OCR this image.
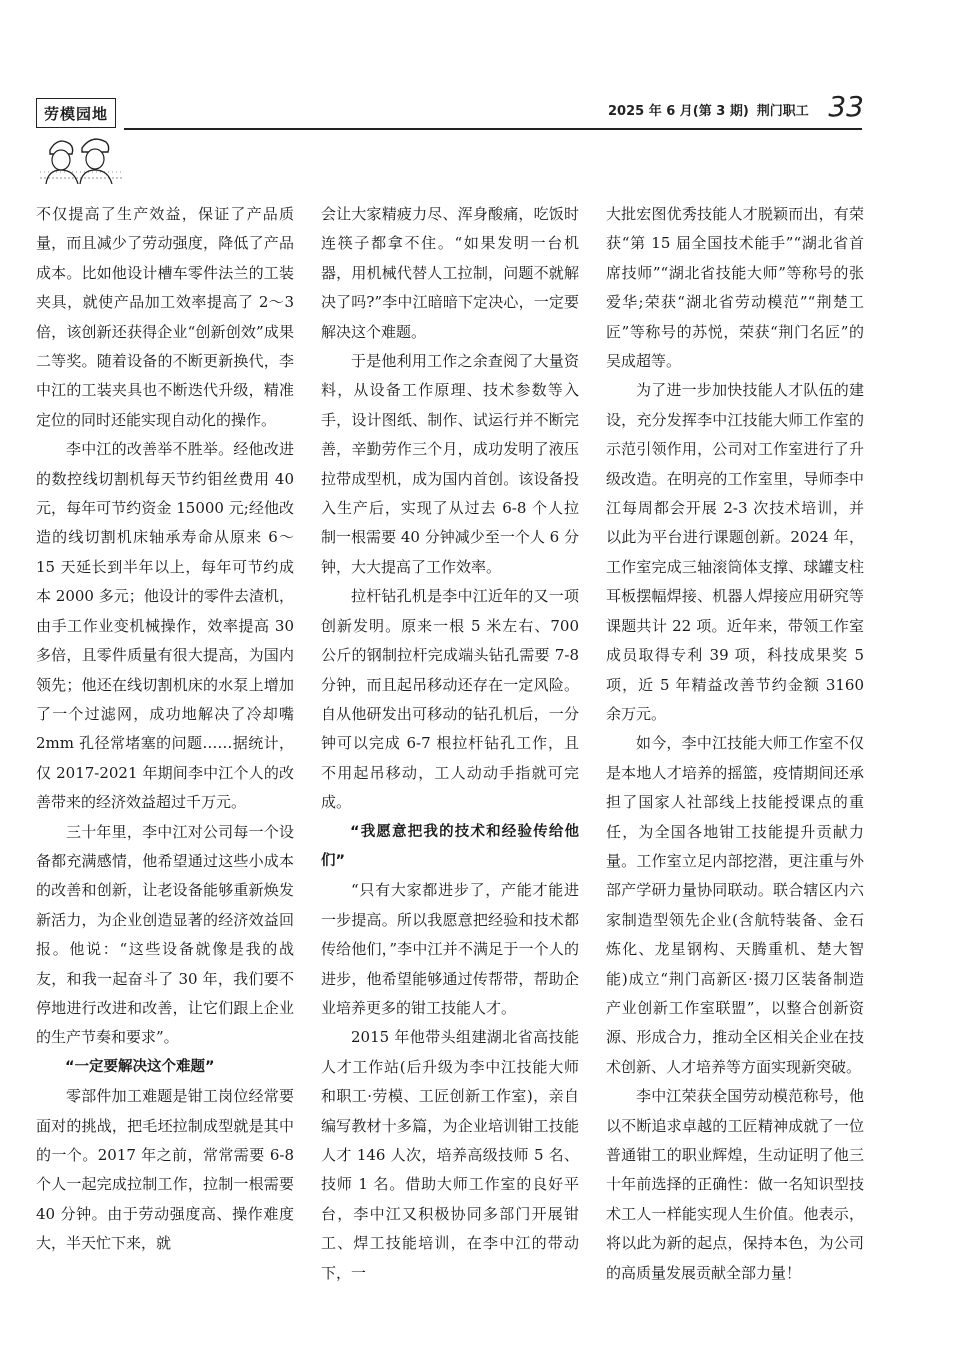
劳模园地	2025 年 6 月(第 3 期) 荆门职工 33

不仅提高了生产效益，保证了产品质量，而且减少了劳动强度，降低了产品成本。比如他设计槽车零件法兰的工装夹具，就使产品加工效率提高了 2～3 倍，该创新还获得企业“创新创效”成果二等奖。随着设备的不断更新换代，李中江的工装夹具也不断迭代升级，精准定位的同时还能实现自动化的操作。

李中江的改善举不胜举。经他改进的数控线切割机每天节约钼丝费用 40 元，每年可节约资金 15000 元;经他改造的线切割机床轴承寿命从原来 6～15 天延长到半年以上，每年可节约成本 2000 多元；他设计的零件去渣机，由手工作业变机械操作，效率提高 30 多倍，且零件质量有很大提高，为国内领先；他还在线切割机床的水泵上增加了一个过滤网，成功地解决了冷却嘴 2mm 孔径常堵塞的问题……据统计，仅 2017-2021 年期间李中江个人的改善带来的经济效益超过千万元。

三十年里，李中江对公司每一个设备都充满感情，他希望通过这些小成本的改善和创新，让老设备能够重新焕发新活力，为企业创造显著的经济效益回报。他说：“这些设备就像是我的战友，和我一起奋斗了 30 年，我们要不停地进行改进和改善，让它们跟上企业的生产节奏和要求”。

“一定要解决这个难题”

零部件加工难题是钳工岗位经常要面对的挑战，把毛坯拉制成型就是其中的一个。2017 年之前，常常需要 6-8 个人一起完成拉制工作，拉制一根需要 40 分钟。由于劳动强度高、操作难度大，半天忙下来，就

会让大家精疲力尽、浑身酸痛，吃饭时连筷子都拿不住。“如果发明一台机器，用机械代替人工拉制，问题不就解决了吗?”李中江暗暗下定决心，一定要解决这个难题。

于是他利用工作之余查阅了大量资料，从设备工作原理、技术参数等入手，设计图纸、制作、试运行并不断完善，辛勤劳作三个月，成功发明了液压拉带成型机，成为国内首创。该设备投入生产后，实现了从过去 6-8 个人拉制一根需要 40 分钟减少至一个人 6 分钟，大大提高了工作效率。

拉杆钻孔机是李中江近年的又一项创新发明。原来一根 5 米左右、700 公斤的钢制拉杆完成端头钻孔需要 7-8 分钟，而且起吊移动还存在一定风险。自从他研发出可移动的钻孔机后，一分钟可以完成 6-7 根拉杆钻孔工作，且不用起吊移动，工人动动手指就可完成。

“我愿意把我的技术和经验传给他们”

“只有大家都进步了，产能才能进一步提高。所以我愿意把经验和技术都传给他们，”李中江并不满足于一个人的进步，他希望能够通过传帮带，帮助企业培养更多的钳工技能人才。

2015 年他带头组建湖北省高技能人才工作站(后升级为李中江技能大师和职工·劳模、工匠创新工作室)，亲自编写教材十多篇，为企业培训钳工技能人才 146 人次，培养高级技师 5 名、技师 1 名。借助大师工作室的良好平台，李中江又积极协同多部门开展钳工、焊工技能培训，在李中江的带动下，一

大批宏图优秀技能人才脱颖而出，有荣获“第 15 届全国技术能手”“湖北省首席技师”“湖北省技能大师”等称号的张爱华;荣获“湖北省劳动模范”“荆楚工匠”等称号的苏悦，荣获“荆门名匠”的吴成超等。

为了进一步加快技能人才队伍的建设，充分发挥李中江技能大师工作室的示范引领作用，公司对工作室进行了升级改造。在明亮的工作室里，导师李中江每周都会开展 2-3 次技术培训，并以此为平台进行课题创新。2024 年，工作室完成三轴滚筒体支撑、球罐支柱耳板摆幅焊接、机器人焊接应用研究等课题共计 22 项。近年来，带领工作室成员取得专利 39 项，科技成果奖 5 项，近 5 年精益改善节约金额 3160 余万元。

如今，李中江技能大师工作室不仅是本地人才培养的摇篮，疫情期间还承担了国家人社部线上技能授课点的重任，为全国各地钳工技能提升贡献力量。工作室立足内部挖潜，更注重与外部产学研力量协同联动。联合辖区内六家制造型领先企业(含航特装备、金石炼化、龙星钢构、天腾重机、楚大智能)成立“荆门高新区·掇刀区装备制造产业创新工作室联盟”，以整合创新资源、形成合力，推动全区相关企业在技术创新、人才培养等方面实现新突破。

李中江荣获全国劳动模范称号，他以不断追求卓越的工匠精神成就了一位普通钳工的职业辉煌，生动证明了他三十年前选择的正确性：做一名知识型技术工人一样能实现人生价值。他表示，将以此为新的起点，保持本色，为公司的高质量发展贡献全部力量！
